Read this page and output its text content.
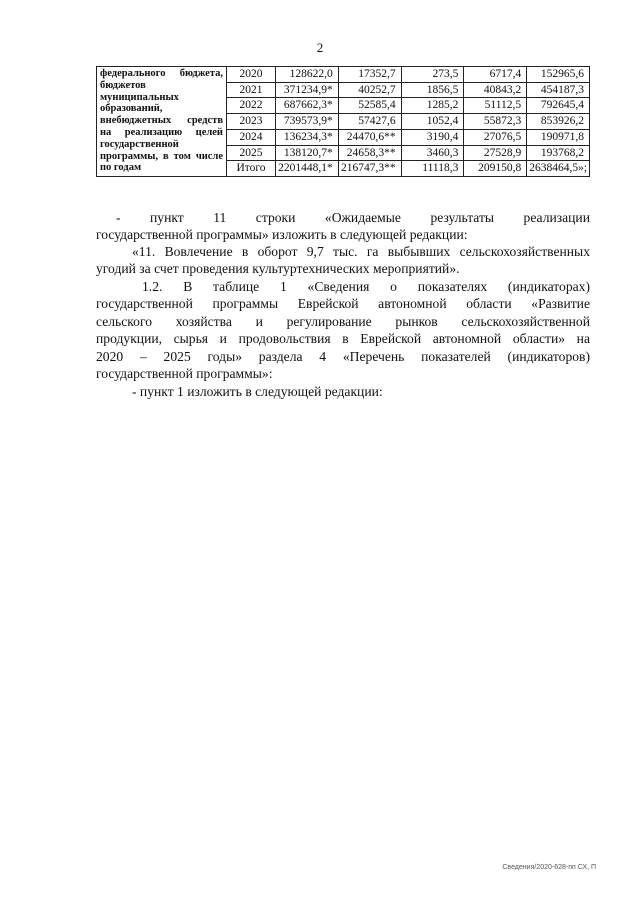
2
федерального бюджета, бюджетов муниципальных образований, внебюджетных средств на реализацию целей государственной программы, в том числе по годам	2020	128622,0	17352,7	273,5	6717,4	152965,6
	2021	371234,9*	40252,7	1856,5	40843,2	454187,3
	2022	687662,3*	52585,4	1285,2	51112,5	792645,4
	2023	739573,9*	57427,6	1052,4	55872,3	853926,2
	2024	136234,3*	24470,6**	3190,4	27076,5	190971,8
	2025	138120,7*	24658,3**	3460,3	27528,9	193768,2
	Итого	2201448,1*	216747,3**	11118,3	209150,8	2638464,5»;
- пункт 11 строки «Ожидаемые результаты реализации
государственной программы» изложить в следующей редакции:
«11. Вовлечение в оборот 9,7 тыс. га выбывших сельскохозяйственных
угодий за счет проведения культуртехнических мероприятий».
1.2. В таблице 1 «Сведения о показателях (индикаторах)
государственной программы Еврейской автономной области «Развитие
сельского хозяйства и регулирование рынков сельскохозяйственной
продукции, сырья и продовольствия в Еврейской автономной области» на
2020 – 2025 годы» раздела 4 «Перечень показателей (индикаторов)
государственной программы»:
- пункт 1 изложить в следующей редакции:
Сведения/2020-628-пп СХ, П
